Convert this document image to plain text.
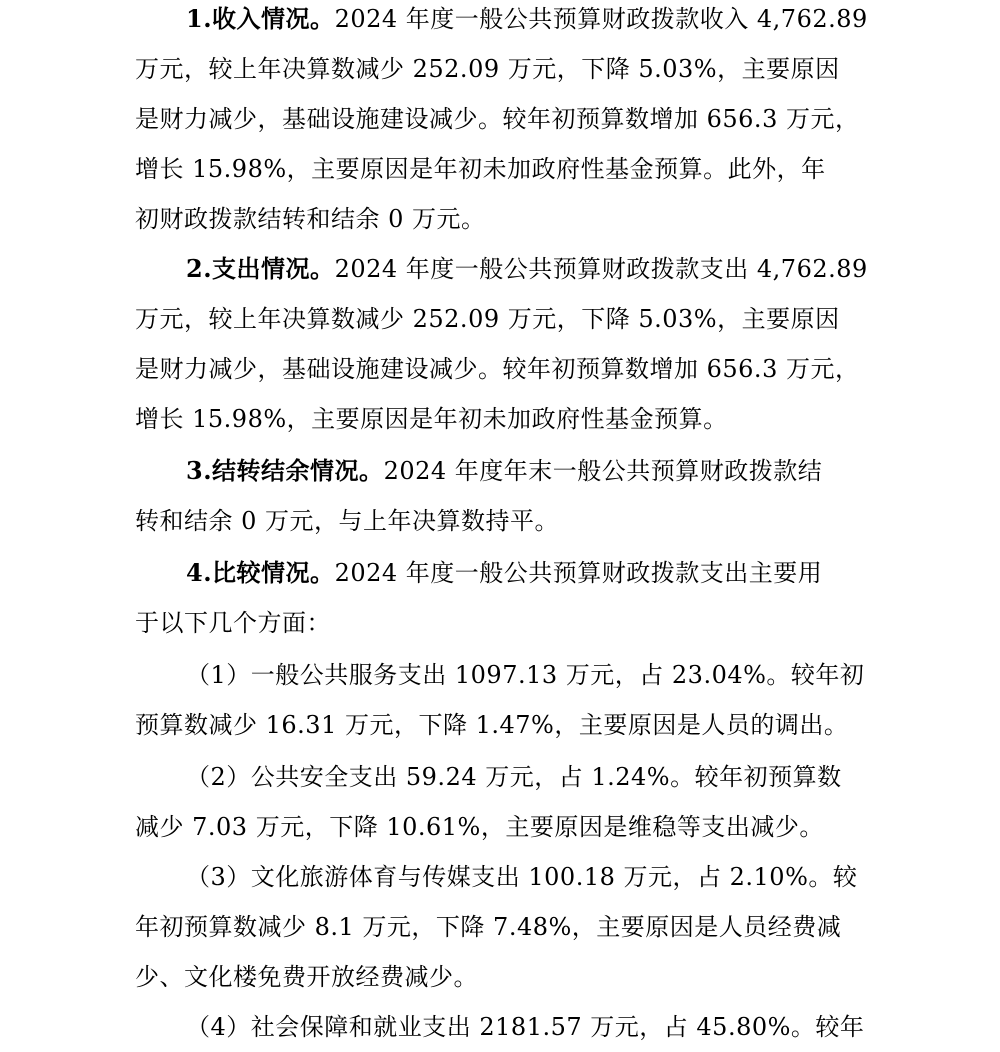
1.收入情况。2024 年度一般公共预算财政拨款收入 4,762.89
万元，较上年决算数减少 252.09 万元，下降 5.03%，主要原因
是财力减少，基础设施建设减少。较年初预算数增加 656.3 万元，
增长 15.98%，主要原因是年初未加政府性基金预算。此外，年
初财政拨款结转和结余 0 万元。
2.支出情况。2024 年度一般公共预算财政拨款支出 4,762.89
万元，较上年决算数减少 252.09 万元，下降 5.03%，主要原因
是财力减少，基础设施建设减少。较年初预算数增加 656.3 万元，
增长 15.98%，主要原因是年初未加政府性基金预算。
3.结转结余情况。2024 年度年末一般公共预算财政拨款结
转和结余 0 万元，与上年决算数持平。
4.比较情况。2024 年度一般公共预算财政拨款支出主要用
于以下几个方面：
（1）一般公共服务支出 1097.13 万元，占 23.04%。较年初
预算数减少 16.31 万元，下降 1.47%，主要原因是人员的调出。
（2）公共安全支出 59.24 万元，占 1.24%。较年初预算数
减少 7.03 万元，下降 10.61%，主要原因是维稳等支出减少。
（3）文化旅游体育与传媒支出 100.18 万元，占 2.10%。较
年初预算数减少 8.1 万元，下降 7.48%，主要原因是人员经费减
少、文化楼免费开放经费减少。
（4）社会保障和就业支出 2181.57 万元，占 45.80%。较年
